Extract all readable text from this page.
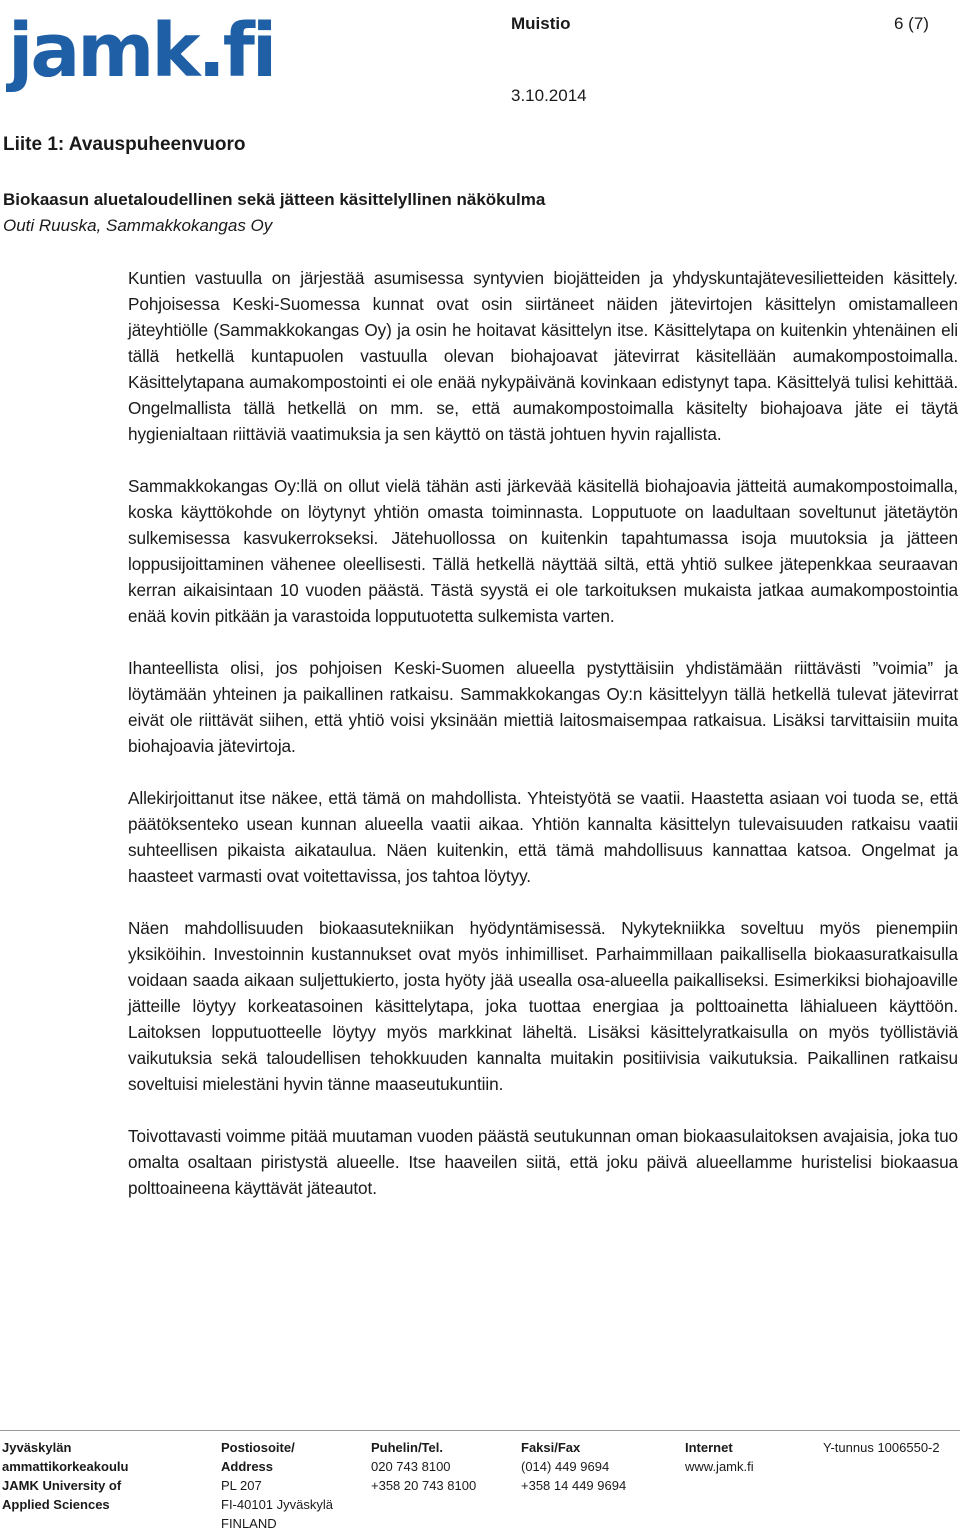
jamk.fi	Muistio	6 (7)
3.10.2014
Liite 1: Avauspuheenvuoro
Biokaasun aluetaloudellinen sekä jätteen käsittelyllinen näkökulma
Outi Ruuska, Sammakkokangas Oy

Kuntien vastuulla on järjestää asumisessa syntyvien biojätteiden ja yhdyskuntajätevesilietteiden käsittely. Pohjoisessa Keski-Suomessa kunnat ovat osin siirtäneet näiden jätevirtojen käsittelyn omistamalleen jäteyhtiölle (Sammakkokangas Oy) ja osin he hoitavat käsittelyn itse. Käsittelytapa on kuitenkin yhtenäinen eli tällä hetkellä kuntapuolen vastuulla olevan biohajoavat jätevirrat käsitellään aumakompostoimalla. Käsittelytapana aumakompostointi ei ole enää nykypäivänä kovinkaan edistynyt tapa. Käsittelyä tulisi kehittää. Ongelmallista tällä hetkellä on mm. se, että aumakompostoimalla käsitelty biohajoava jäte ei täytä hygienialtaan riittäviä vaatimuksia ja sen käyttö on tästä johtuen hyvin rajallista.

Sammakkokangas Oy:llä on ollut vielä tähän asti järkevää käsitellä biohajoavia jätteitä aumakompostoimalla, koska käyttökohde on löytynyt yhtiön omasta toiminnasta. Lopputuote on laadultaan soveltunut jätetäytön sulkemisessa kasvukerrokseksi. Jätehuollossa on kuitenkin tapahtumassa isoja muutoksia ja jätteen loppusijoittaminen vähenee oleellisesti. Tällä hetkellä näyttää siltä, että yhtiö sulkee jätepenkkaa seuraavan kerran aikaisintaan 10 vuoden päästä. Tästä syystä ei ole tarkoituksen mukaista jatkaa aumakompostointia enää kovin pitkään ja varastoida lopputuotetta sulkemista varten.

Ihanteellista olisi, jos pohjoisen Keski-Suomen alueella pystyttäisiin yhdistämään riittävästi ”voimia” ja löytämään yhteinen ja paikallinen ratkaisu. Sammakkokangas Oy:n käsittelyyn tällä hetkellä tulevat jätevirrat eivät ole riittävät siihen, että yhtiö voisi yksinään miettiä laitosmaisempaa ratkaisua. Lisäksi tarvittaisiin muita biohajoavia jätevirtoja.

Allekirjoittanut itse näkee, että tämä on mahdollista. Yhteistyötä se vaatii. Haastetta asiaan voi tuoda se, että päätöksenteko usean kunnan alueella vaatii aikaa. Yhtiön kannalta käsittelyn tulevaisuuden ratkaisu vaatii suhteellisen pikaista aikataulua. Näen kuitenkin, että tämä mahdollisuus kannattaa katsoa. Ongelmat ja haasteet varmasti ovat voitettavissa, jos tahtoa löytyy.

Näen mahdollisuuden biokaasutekniikan hyödyntämisessä. Nykytekniikka soveltuu myös pienempiin yksiköihin. Investoinnin kustannukset ovat myös inhimilliset. Parhaimmillaan paikallisella biokaasuratkaisulla voidaan saada aikaan suljettukierto, josta hyöty jää usealla osa-alueella paikalliseksi. Esimerkiksi biohajoaville jätteille löytyy korkeatasoinen käsittelytapa, joka tuottaa energiaa ja polttoainetta lähialueen käyttöön. Laitoksen lopputuotteelle löytyy myös markkinat läheltä. Lisäksi käsittelyratkaisulla on myös työllistäviä vaikutuksia sekä taloudellisen tehokkuuden kannalta muitakin positiivisia vaikutuksia. Paikallinen ratkaisu soveltuisi mielestäni hyvin tänne maaseutukuntiin.

Toivottavasti voimme pitää muutaman vuoden päästä seutukunnan oman biokaasulaitoksen avajaisia, joka tuo omalta osaltaan piristystä alueelle. Itse haaveilen siitä, että joku päivä alueellamme huristelisi biokaasua polttoaineena käyttävät jäteautot.

Jyväskylän
ammattikorkeakoulu
JAMK University of
Applied Sciences
Postiosoite/
Address
PL 207
FI-40101 Jyväskylä
FINLAND
Puhelin/Tel.
020 743 8100
+358 20 743 8100
Faksi/Fax
(014) 449 9694
+358 14 449 9694
Internet
www.jamk.fi
Y-tunnus 1006550-2
